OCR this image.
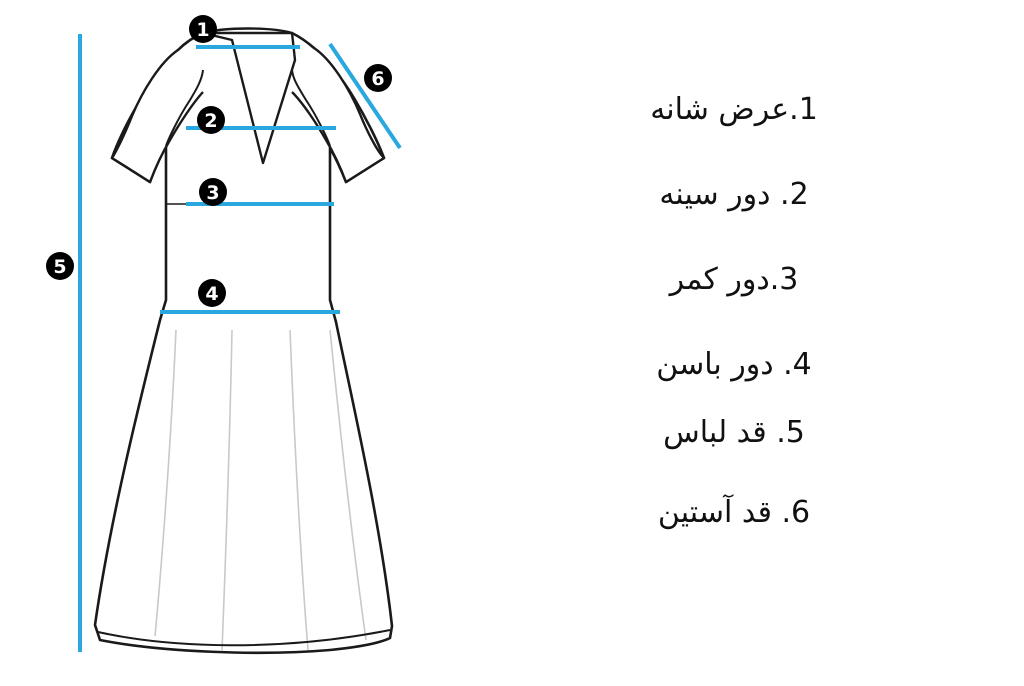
1
2
3
4
5
6
1.عرض شانه
2. دور سینه
3.دور کمر
4. دور باسن
5. قد لباس
6. قد آستین
